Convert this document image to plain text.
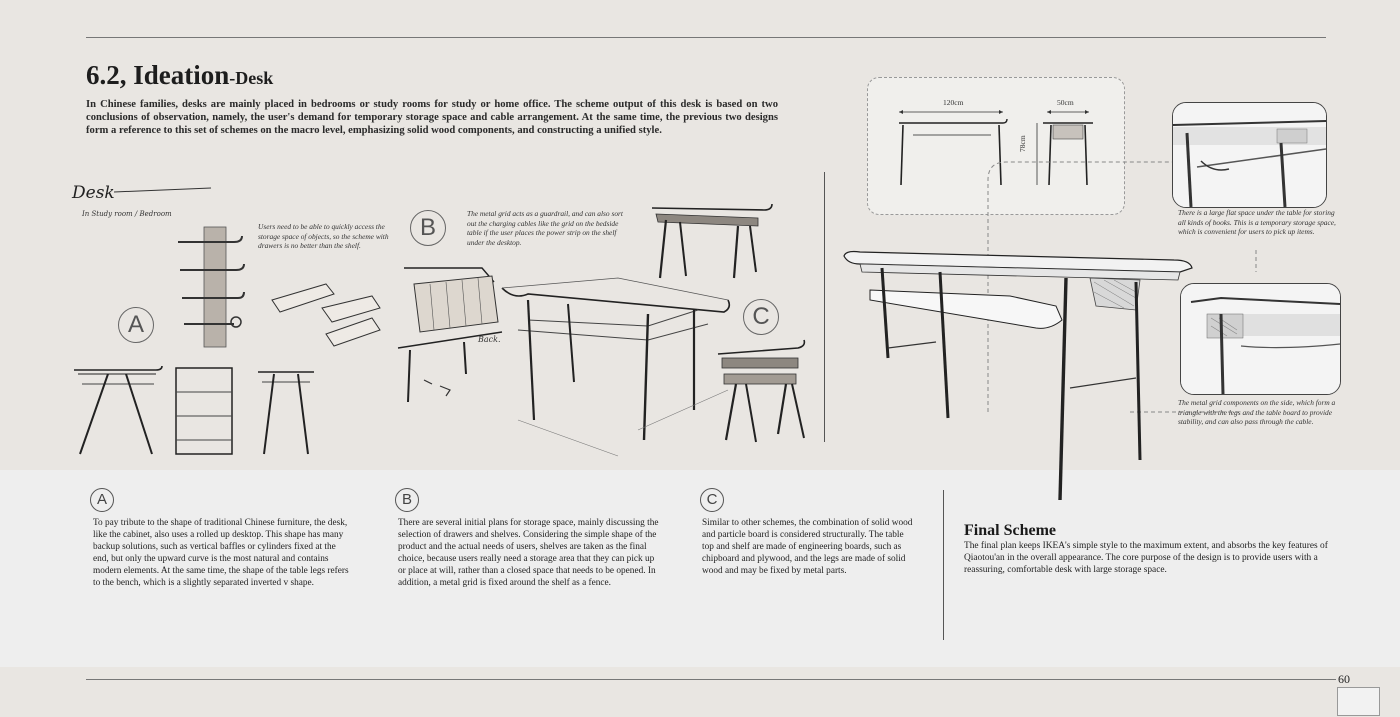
6.2, Ideation-Desk
In Chinese families, desks are mainly placed in bedrooms or study rooms for study or home office. The scheme output of this desk is based on two conclusions of observation, namely, the user's demand for temporary storage space and cable arrangement. At the same time, the previous two designs form a reference to this set of schemes on the macro level, emphasizing solid wood components, and constructing a unified style.
Desk
In Study room / Bedroom
A
B
C
Users need to be able to quickly access the storage space of objects, so the scheme with drawers is no better than the shelf.
The metal grid acts as a guardrail, and can also sort out the charging cables like the grid on the bedside table if the user places the power strip on the shelf under the desktop.
Back.
120cm	50cm
78cm
There is a large flat space under the table for storing all kinds of books. This is a temporary storage space, which is convenient for users to pick up items.
The metal grid components on the side, which form a triangle with the legs and the table board to provide stability, and can also pass through the cable.
A
To pay tribute to the shape of traditional Chinese furniture, the desk, like the cabinet, also uses a rolled up desktop. This shape has many backup solutions, such as vertical baffles or cylinders fixed at the end, but only the upward curve is the most natural and contains modern elements. At the same time, the shape of the table legs refers to the bench, which is a slightly separated inverted v shape.
B
There are several initial plans for storage space, mainly discussing the selection of drawers and shelves. Considering the simple shape of the product and the actual needs of users, shelves are taken as the final choice, because users really need a storage area that they can pick up or place at will, rather than a closed space that needs to be opened. In addition, a metal grid is fixed around the shelf as a fence.
C
Similar to other schemes, the combination of solid wood and particle board is considered structurally. The table top and shelf are made of engineering boards, such as chipboard and plywood, and the legs are made of solid wood and may be fixed by metal parts.
Final Scheme
The final plan keeps IKEA's simple style to the maximum extent, and absorbs the key features of Qiaotou'an in the overall appearance. The core purpose of the design is to provide users with a reassuring, comfortable desk with large storage space.
60
